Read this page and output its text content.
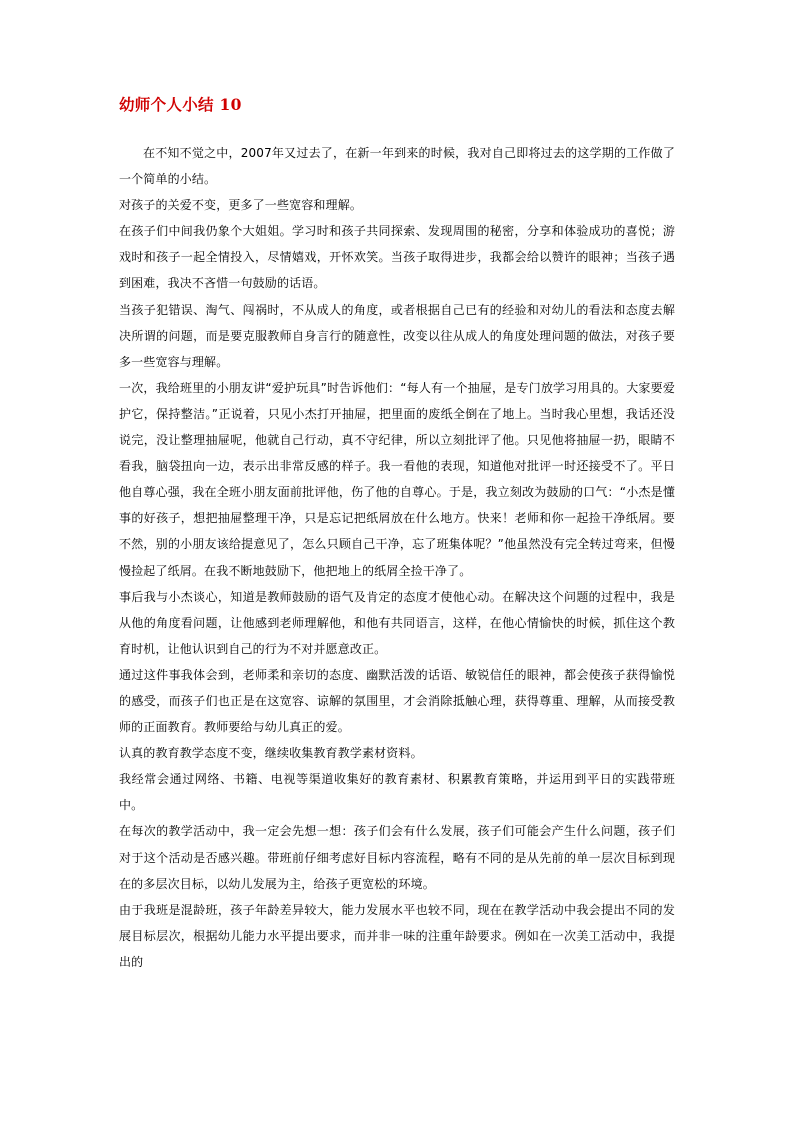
幼师个人小结 10

在不知不觉之中，2007年又过去了，在新一年到来的时候，我对自己即将过去的这学期的工作做了一个简单的小结。

对孩子的关爱不变，更多了一些宽容和理解。

在孩子们中间我仍象个大姐姐。学习时和孩子共同探索、发现周围的秘密，分享和体验成功的喜悦；游戏时和孩子一起全情投入，尽情嬉戏，开怀欢笑。当孩子取得进步，我都会给以赞许的眼神；当孩子遇到困难，我决不吝惜一句鼓励的话语。

当孩子犯错误、淘气、闯祸时，不从成人的角度，或者根据自己已有的经验和对幼儿的看法和态度去解决所谓的问题，而是要克服教师自身言行的随意性，改变以往从成人的角度处理问题的做法，对孩子要多一些宽容与理解。

一次，我给班里的小朋友讲“爱护玩具”时告诉他们：“每人有一个抽屉，是专门放学习用具的。大家要爱护它，保持整洁。”正说着，只见小杰打开抽屉，把里面的废纸全倒在了地上。当时我心里想，我话还没说完，没让整理抽屉呢，他就自己行动，真不守纪律，所以立刻批评了他。只见他将抽屉一扔，眼睛不看我，脑袋扭向一边，表示出非常反感的样子。我一看他的表现，知道他对批评一时还接受不了。平日他自尊心强，我在全班小朋友面前批评他，伤了他的自尊心。于是，我立刻改为鼓励的口气：“小杰是懂事的好孩子，想把抽屉整理干净，只是忘记把纸屑放在什么地方。快来！老师和你一起捡干净纸屑。要不然，别的小朋友该给提意见了，怎么只顾自己干净，忘了班集体呢？”他虽然没有完全转过弯来，但慢慢捡起了纸屑。在我不断地鼓励下，他把地上的纸屑全捡干净了。

事后我与小杰谈心，知道是教师鼓励的语气及肯定的态度才使他心动。在解决这个问题的过程中，我是从他的角度看问题，让他感到老师理解他，和他有共同语言，这样，在他心情愉快的时候，抓住这个教育时机，让他认识到自己的行为不对并愿意改正。

通过这件事我体会到，老师柔和亲切的态度、幽默活泼的话语、敏锐信任的眼神，都会使孩子获得愉悦的感受，而孩子们也正是在这宽容、谅解的氛围里，才会消除抵触心理，获得尊重、理解，从而接受教师的正面教育。教师要给与幼儿真正的爱。

认真的教育教学态度不变，继续收集教育教学素材资料。

我经常会通过网络、书籍、电视等渠道收集好的教育素材、积累教育策略，并运用到平日的实践带班中。

在每次的教学活动中，我一定会先想一想：孩子们会有什么发展，孩子们可能会产生什么问题，孩子们对于这个活动是否感兴趣。带班前仔细考虑好目标内容流程，略有不同的是从先前的单一层次目标到现在的多层次目标，以幼儿发展为主，给孩子更宽松的环境。

由于我班是混龄班，孩子年龄差异较大，能力发展水平也较不同，现在在教学活动中我会提出不同的发展目标层次，根据幼儿能力水平提出要求，而并非一味的注重年龄要求。例如在一次美工活动中，我提出的
